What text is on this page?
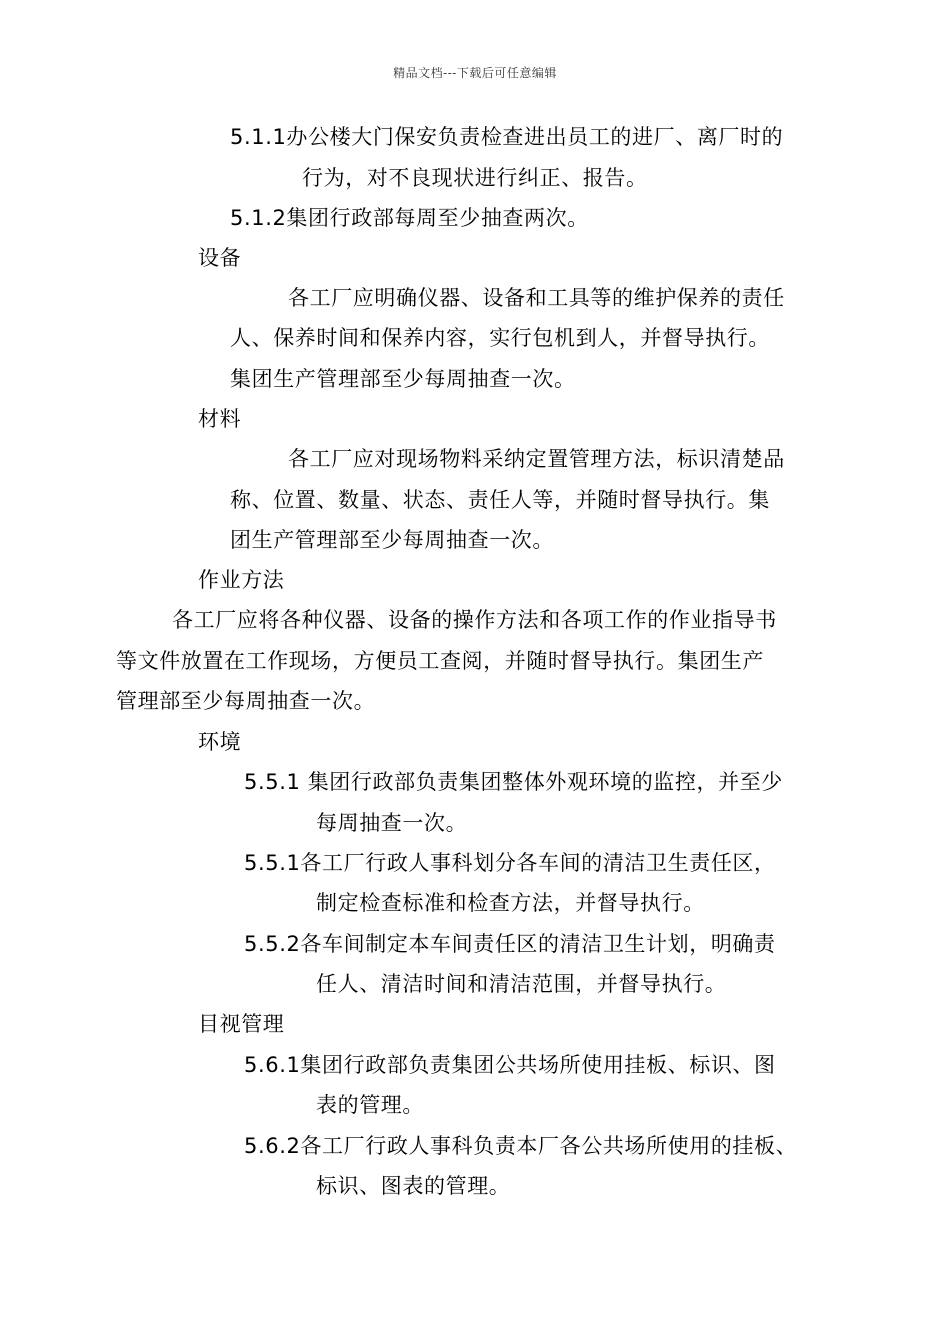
精品文档---下载后可任意编辑
5.1.1办公楼大门保安负责检查进出员工的进厂、离厂时的
行为，对不良现状进行纠正、报告。
5.1.2集团行政部每周至少抽查两次。
设备
各工厂应明确仪器、设备和工具等的维护保养的责任
人、保养时间和保养内容，实行包机到人，并督导执行。
集团生产管理部至少每周抽查一次。
材料
各工厂应对现场物料采纳定置管理方法，标识清楚品
称、位置、数量、状态、责任人等，并随时督导执行。集
团生产管理部至少每周抽查一次。
作业方法
各工厂应将各种仪器、设备的操作方法和各项工作的作业指导书
等文件放置在工作现场，方便员工查阅，并随时督导执行。集团生产
管理部至少每周抽查一次。
环境
5.5.1 集团行政部负责集团整体外观环境的监控，并至少
每周抽查一次。
5.5.1各工厂行政人事科划分各车间的清洁卫生责任区，
制定检查标准和检查方法，并督导执行。
5.5.2各车间制定本车间责任区的清洁卫生计划，明确责
任人、清洁时间和清洁范围，并督导执行。
目视管理
5.6.1集团行政部负责集团公共场所使用挂板、标识、图
表的管理。
5.6.2各工厂行政人事科负责本厂各公共场所使用的挂板、
标识、图表的管理。
